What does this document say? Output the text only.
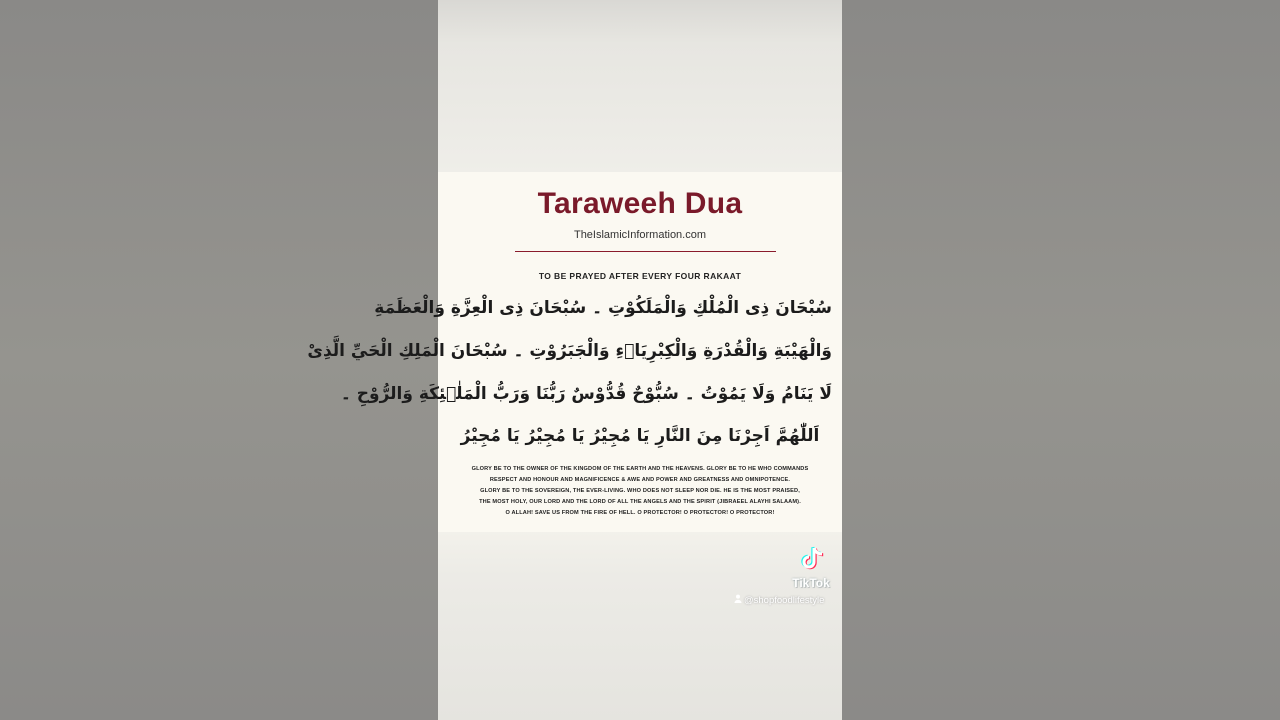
Taraweeh Dua
TheIslamicInformation.com
TO BE PRAYED AFTER EVERY FOUR RAKAAT
سُبْحَانَ ذِى الْمُلْكِ وَالْمَلَكُوْتِ ۔ سُبْحَانَ ذِى الْعِزَّةِ وَالْعَظَمَةِ
وَالْهَيْبَةِ وَالْقُدْرَةِ وَالْكِبْرِيَاۗءِ وَالْجَبَرُوْتِ ۔ سُبْحَانَ الْمَلِكِ الْحَيِّ الَّذِىْ
لَا يَنَامُ وَلَا يَمُوْتُ ۔ سُبُّوْحٌ قُدُّوْسٌ رَبُّنَا وَرَبُّ الْمَلٰۗئِكَةِ وَالرُّوْحِ ۔
اَللّٰهُمَّ اَجِرْنَا مِنَ النَّارِ يَا مُجِيْرُ يَا مُجِيْرُ يَا مُجِيْرُ
GLORY BE TO THE OWNER OF THE KINGDOM OF THE EARTH AND THE HEAVENS. GLORY BE TO HE WHO COMMANDS
RESPECT AND HONOUR AND MAGNIFICENCE & AWE AND POWER AND GREATNESS AND OMNIPOTENCE.
GLORY BE TO THE SOVEREIGN, THE EVER-LIVING. WHO DOES NOT SLEEP NOR DIE. HE IS THE MOST PRAISED,
THE MOST HOLY, OUR LORD AND THE LORD OF ALL THE ANGELS AND THE SPIRIT (JIBRAEEL ALAYHI SALAAM).
O ALLAH! SAVE US FROM THE FIRE OF HELL. O PROTECTOR! O PROTECTOR! O PROTECTOR!
TikTok
@shopfoodlifestyle
